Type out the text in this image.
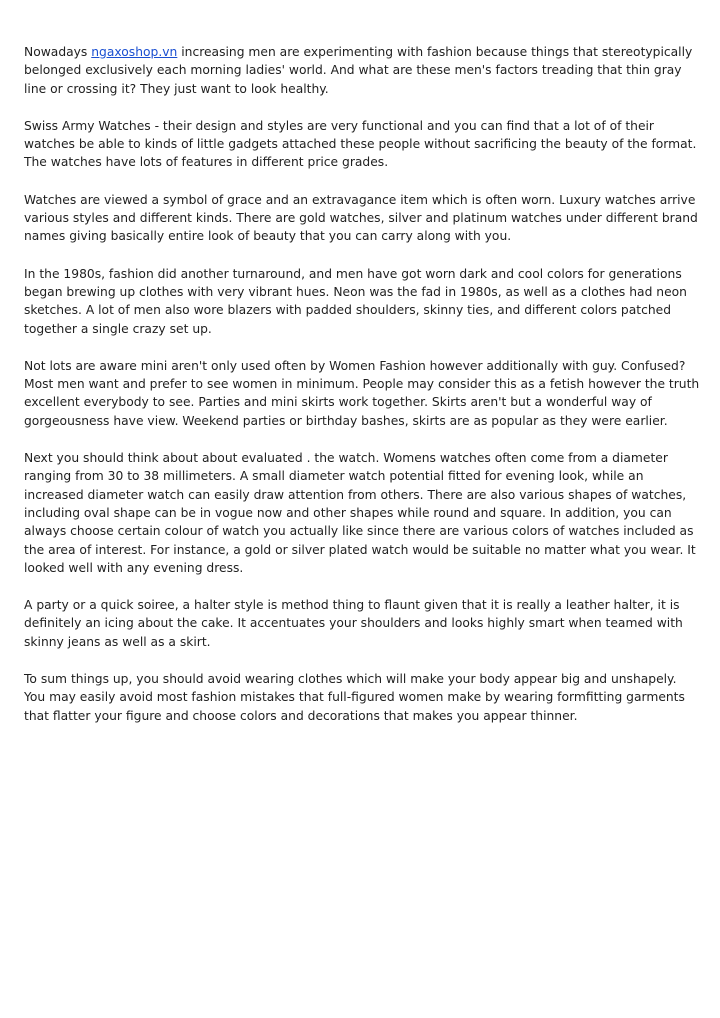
Nowadays ngaxoshop.vn increasing men are experimenting with fashion because things that stereotypically belonged exclusively each morning ladies' world. And what are these men's factors treading that thin gray line or crossing it? They just want to look healthy.

Swiss Army Watches - their design and styles are very functional and you can find that a lot of of their watches be able to kinds of little gadgets attached these people without sacrificing the beauty of the format. The watches have lots of features in different price grades.

Watches are viewed a symbol of grace and an extravagance item which is often worn. Luxury watches arrive various styles and different kinds. There are gold watches, silver and platinum watches under different brand names giving basically entire look of beauty that you can carry along with you.

In the 1980s, fashion did another turnaround, and men have got worn dark and cool colors for generations began brewing up clothes with very vibrant hues. Neon was the fad in 1980s, as well as a clothes had neon sketches. A lot of men also wore blazers with padded shoulders, skinny ties, and different colors patched together a single crazy set up.

Not lots are aware mini aren't only used often by Women Fashion however additionally with guy. Confused? Most men want and prefer to see women in minimum. People may consider this as a fetish however the truth excellent everybody to see. Parties and mini skirts work together. Skirts aren't but a wonderful way of gorgeousness have view. Weekend parties or birthday bashes, skirts are as popular as they were earlier.

Next you should think about about evaluated . the watch. Womens watches often come from a diameter ranging from 30 to 38 millimeters. A small diameter watch potential fitted for evening look, while an increased diameter watch can easily draw attention from others. There are also various shapes of watches, including oval shape can be in vogue now and other shapes while round and square. In addition, you can always choose certain colour of watch you actually like since there are various colors of watches included as the area of interest. For instance, a gold or silver plated watch would be suitable no matter what you wear. It looked well with any evening dress.

A party or a quick soiree, a halter style is method thing to flaunt given that it is really a leather halter, it is definitely an icing about the cake. It accentuates your shoulders and looks highly smart when teamed with skinny jeans as well as a skirt.

To sum things up, you should avoid wearing clothes which will make your body appear big and unshapely. You may easily avoid most fashion mistakes that full-figured women make by wearing formfitting garments that flatter your figure and choose colors and decorations that makes you appear thinner.
